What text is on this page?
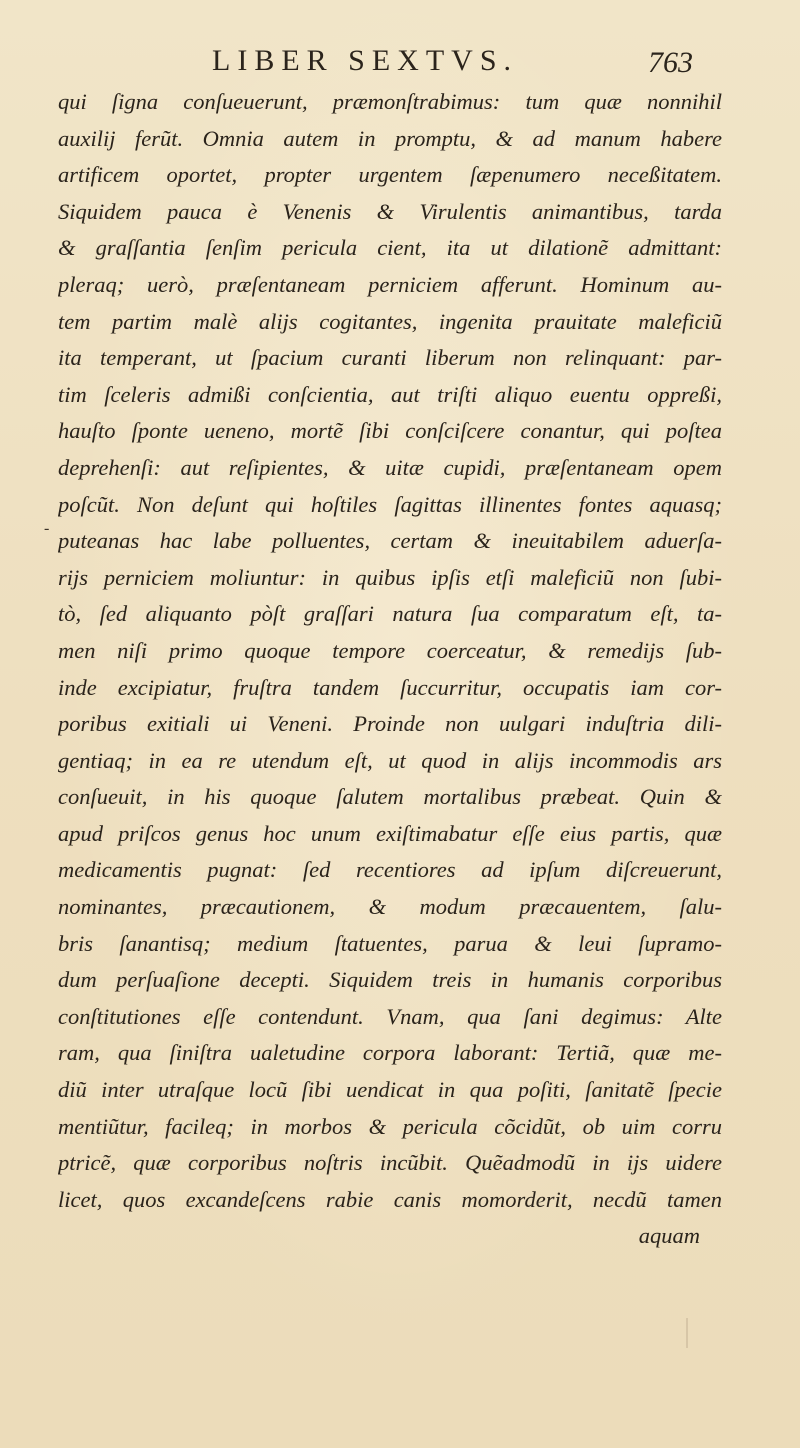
LIBER SEXTVS.	763
-
qui ſigna conſueuerunt, præmonſtrabimus: tum quæ nonnihil
auxilij ferũt. Omnia autem in promptu, & ad manum habere
artificem oportet, propter urgentem ſæpenumero neceßitatem.
Siquidem pauca è Venenis & Virulentis animantibus, tarda
& graſſantia ſenſim pericula cient, ita ut dilationẽ admittant:
pleraq; uerò, præſentaneam perniciem afferunt. Hominum au-
tem partim malè alijs cogitantes, ingenita prauitate maleficiũ
ita temperant, ut ſpacium curanti liberum non relinquant: par-
tim ſceleris admißi conſcientia, aut triſti aliquo euentu oppreßi,
hauſto ſponte ueneno, mortẽ ſibi conſciſcere conantur, qui poſtea
deprehenſi: aut reſipientes, & uitæ cupidi, præſentaneam opem
poſcũt. Non deſunt qui hoſtiles ſagittas illinentes fontes aquasq;
puteanas hac labe polluentes, certam & ineuitabilem aduerſa-
rijs perniciem moliuntur: in quibus ipſis etſi maleficiũ non ſubi-
tò, ſed aliquanto pòſt graſſari natura ſua comparatum eſt, ta-
men niſi primo quoque tempore coerceatur, & remedijs ſub-
inde excipiatur, fruſtra tandem ſuccurritur, occupatis iam cor-
poribus exitiali ui Veneni. Proinde non uulgari induſtria dili-
gentiaq; in ea re utendum eſt, ut quod in alijs incommodis ars
conſueuit, in his quoque ſalutem mortalibus præbeat. Quin &
apud priſcos genus hoc unum exiſtimabatur eſſe eius partis, quæ
medicamentis pugnat: ſed recentiores ad ipſum diſcreuerunt,
nominantes, præcautionem, & modum præcauentem, ſalu-
bris ſanantisq; medium ſtatuentes, parua & leui ſupramo-
dum perſuaſione decepti. Siquidem treis in humanis corporibus
conſtitutiones eſſe contendunt. Vnam, qua ſani degimus: Alte
ram, qua ſiniſtra ualetudine corpora laborant: Tertiã, quæ me-
diũ inter utraſque locũ ſibi uendicat in qua poſiti, ſanitatẽ ſpecie
mentiũtur, facileq; in morbos & pericula cõcidũt, ob uim corru
ptricẽ, quæ corporibus noſtris incũbit. Quẽadmodũ in ijs uidere
licet, quos excandeſcens rabie canis momorderit, necdũ tamen
aquam
